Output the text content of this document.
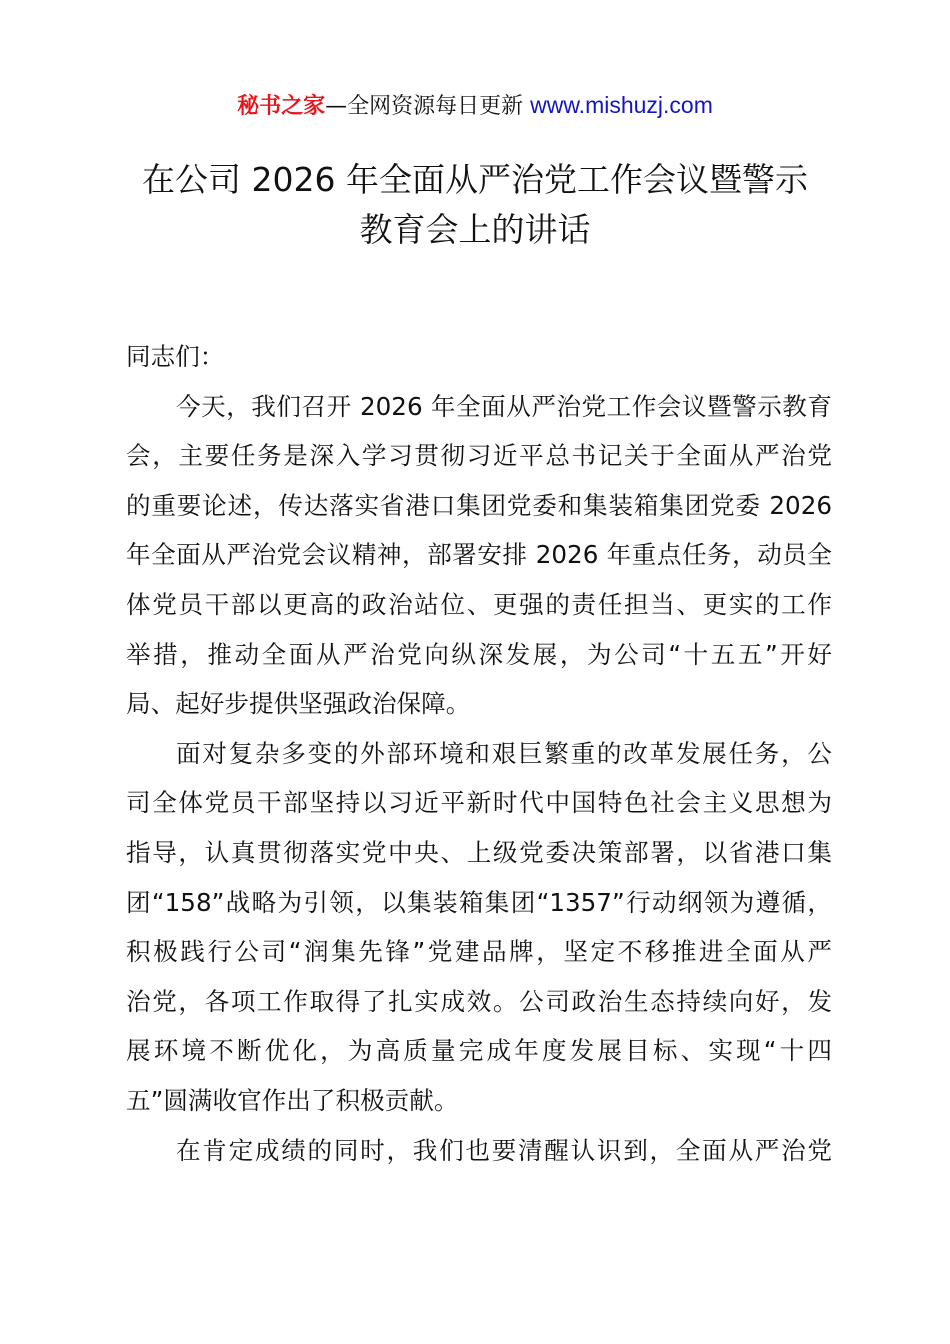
秘书之家—全网资源每日更新 www.mishuzj.com
在公司 2026 年全面从严治党工作会议暨警示
教育会上的讲话
同志们：
今天，我们召开 2026 年全面从严治党工作会议暨警示教育
会，主要任务是深入学习贯彻习近平总书记关于全面从严治党
的重要论述，传达落实省港口集团党委和集装箱集团党委 2026
年全面从严治党会议精神，部署安排 2026 年重点任务，动员全
体党员干部以更高的政治站位、更强的责任担当、更实的工作
举措，推动全面从严治党向纵深发展，为公司“十五五”开好
局、起好步提供坚强政治保障。
面对复杂多变的外部环境和艰巨繁重的改革发展任务，公
司全体党员干部坚持以习近平新时代中国特色社会主义思想为
指导，认真贯彻落实党中央、上级党委决策部署，以省港口集
团“158”战略为引领，以集装箱集团“1357”行动纲领为遵循，
积极践行公司“润集先锋”党建品牌，坚定不移推进全面从严
治党，各项工作取得了扎实成效。公司政治生态持续向好，发
展环境不断优化，为高质量完成年度发展目标、实现“十四
五”圆满收官作出了积极贡献。
在肯定成绩的同时，我们也要清醒认识到，全面从严治党
